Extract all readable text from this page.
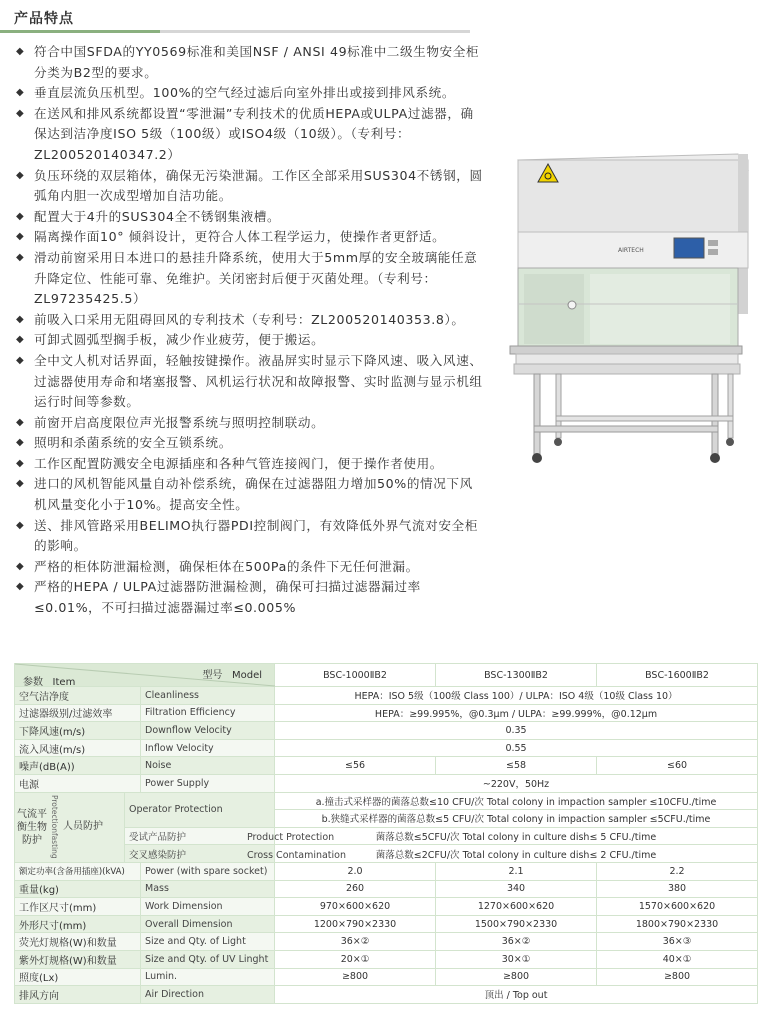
产品特点
◆ 符合中国SFDA的YY0569标准和美国NSF / ANSI 49标准中二级生物安全柜分类为B2型的要求。
◆ 垂直层流负压机型。100%的空气经过滤后向室外排出或接到排风系统。
◆ 在送风和排风系统都设置“零泄漏”专利技术的优质HEPA或ULPA过滤器，确保达到洁净度ISO 5级（100级）或ISO4级（10级）。（专利号：ZL200520140347.2）
◆ 负压环绕的双层箱体，确保无污染泄漏。工作区全部采用SUS304不锈钢，圆弧角内胆一次成型增加自洁功能。
◆ 配置大于4升的SUS304全不锈钢集液槽。
◆ 隔离操作面10° 倾斜设计，更符合人体工程学运力，使操作者更舒适。
◆ 滑动前窗采用日本进口的悬挂升降系统，使用大于5mm厚的安全玻璃能任意升降定位、性能可靠、免维护。关闭密封后便于灭菌处理。（专利号：ZL97235425.5）
◆ 前吸入口采用无阻碍回风的专利技术（专利号：ZL200520140353.8）。
◆ 可卸式圆弧型搁手板，减少作业疲劳，便于搬运。
◆ 全中文人机对话界面，轻触按键操作。液晶屏实时显示下降风速、吸入风速、过滤器使用寿命和堵塞报警、风机运行状况和故障报警、实时监测与显示机组运行时间等参数。
◆ 前窗开启高度限位声光报警系统与照明控制联动。
◆ 照明和杀菌系统的安全互锁系统。
◆ 工作区配置防溅安全电源插座和各种气管连接阀门，便于操作者使用。
◆ 进口的风机智能风量自动补偿系统，确保在过滤器阻力增加50%的情况下风机风量变化小于10%。提高安全性。
◆ 送、排风管路采用BELIMO执行器PDI控制阀门，有效降低外界气流对安全柜的影响。
◆ 严格的柜体防泄漏检测，确保柜体在500Pa的条件下无任何泄漏。
◆ 严格的HEPA / ULPA过滤器防泄漏检测，确保可扫描过滤器漏过率≤0.01%，不可扫描过滤器漏过率≤0.005%
AIRTECH
参数 Item
型号 Model			BSC-1000ⅡB2	BSC-1300ⅡB2	BSC-1600ⅡB2
空气洁净度		Cleanliness	HEPA：ISO 5级（100级 Class 100）/ ULPA：ISO 4级（10级 Class 10）		
过滤器级别/过滤效率		Filtration Efficiency	HEPA：≥99.995%，@0.3μm / ULPA：≥99.999%，@0.12μm		
下降风速(m/s)		Downflow Velocity	0.35		
流入风速(m/s)		Inflow Velocity	0.55		
噪声(dB(A))		Noise	≤56	≤58	≤60
电源		Power Supply	~220V，50Hz		

气流平衡生物防护 Protectionfasting 人员防护	Operator Protection		a.撞击式采样器的菌落总数≤10 CFU/次 Total colony in impaction sampler ≤10CFU./time		
			b.狭缝式采样器的菌落总数≤5 CFU/次 Total colony in impaction sampler ≤5CFU./time		
	受试产品防护 Product Protection		菌落总数≤5CFU/次 Total colony in culture dish≤ 5 CFU./time		
	交叉感染防护 Cross Contamination		菌落总数≤2CFU/次 Total colony in culture dish≤ 2 CFU./time		
额定功率(含备用插座)(kVA)		Power (with spare socket)	2.0	2.1	2.2
重量(kg)		Mass	260	340	380
工作区尺寸(mm)		Work Dimension	970×600×620	1270×600×620	1570×600×620
外形尺寸(mm)		Overall Dimension	1200×790×2330	1500×790×2330	1800×790×2330
荧光灯规格(W)和数量		Size and Qty. of Light	36×②	36×②	36×③
紫外灯规格(W)和数量		Size and Qty. of UV Linght	20×①	30×①	40×①
照度(Lx)		Lumin.	≥800	≥800	≥800
排风方向		Air Direction	顶出 / Top out		
